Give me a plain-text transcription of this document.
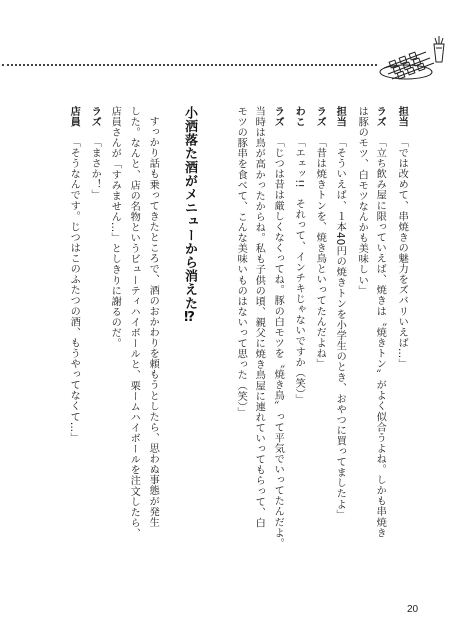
担当
「では改めて、串焼きの魅力をズバリいえば…」
ラズ
「立ち飲み屋に限っていえば、焼きは〝焼きトン〟がよく似合うよね。しかも串焼き
は豚のモツ、白モツなんかも美味しい」
担当
「そういえば、１本40円の焼きトンを小学生のとき、おやつに買ってましたよ」
ラズ
「昔は焼きトンを、焼き鳥といってたんだよね」
わこ
「エェッ!!　それって、インチキじゃないですか（笑）」
ラズ
「じつは昔は厳しくなくってね。豚の白モツを〝焼き鳥〟って平気でいってたんだよ。
当時は鳥が高かったからね。私も子供の頃、親父に焼き鳥屋に連れていってもらって、白
モツの豚串を食べて、こんな美味いものはないって思った（笑）」
小洒落た酒がメニューから消えた⁉
すっかり話も乗ってきたところで、酒のおかわりを頼もうとしたら、思わぬ事態が発生
した。なんと、店の名物というビューティハイボールと、栗ームハイボールを注文したら、
店員さんが「すみません…」としきりに謝るのだ。
ラズ
「まさか！」
店員
「そうなんです。じつはこのふたつの酒、もうやってなくて…」
20
